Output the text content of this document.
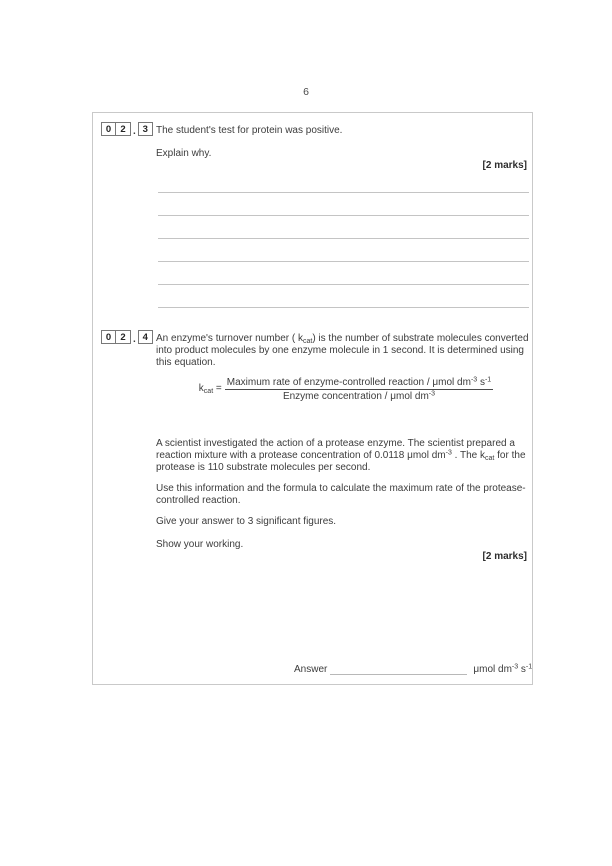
6
0 2 . 3 The student's test for protein was positive.
Explain why.
[2 marks]
0 2 . 4 An enzyme's turnover number ( $k_{cat}$) is the number of substrate molecules converted into product molecules by one enzyme molecule in 1 second. It is determined using this equation.
$k_{cat} = \frac{Maximum rate of enzyme-controlled reaction / \mu mol dm^{-3} s^{-1}}{Enzyme concentration / \mu mol dm^{-3}}$
A scientist investigated the action of a protease enzyme. The scientist prepared a reaction mixture with a protease concentration of 0.0118 μmol $dm^{-3}$ . The $k_{cat}$ for the protease is 110 substrate molecules per second.
Use this information and the formula to calculate the maximum rate of the protease-controlled reaction.
Give your answer to 3 significant figures.
Show your working.
[2 marks]
Answer	μmol $dm^{-3}$ $s^{-1}$
